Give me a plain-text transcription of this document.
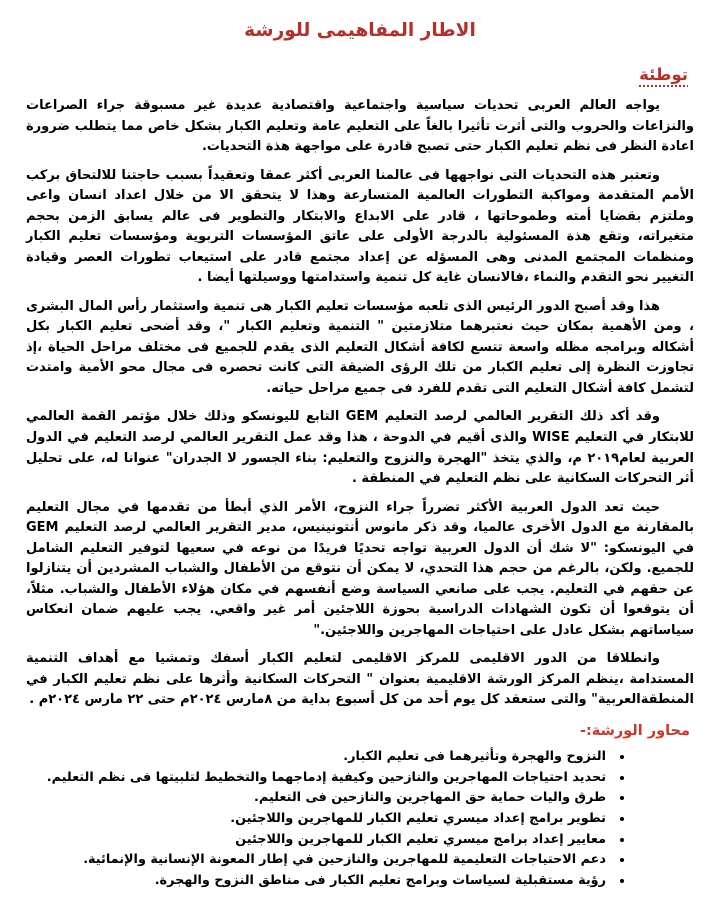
الاطار المفاهيمى للورشة
توطئة

يواجه العالم العربى تحديات سياسية واجتماعية واقتصادية عديدة غير مسبوقة جراء الصراعات والنزاعات والحروب والتى أثرت تأثيرا بالغاً على التعليم عامة وتعليم الكبار بشكل خاص مما يتطلب ضرورة اعادة النظر فى نظم تعليم الكبار حتى تصبح قادرة على مواجهة هذة التحديات.

وتعتبر هذه التحديات التى نواجهها فى عالمنا العربى أكثر عمقا وتعقيداً بسبب حاجتنا للالتحاق بركب الأمم المتقدمة ومواكبة التطورات العالمية المتسارعة وهذا لا يتحقق الا من خلال اعداد انسان واعى وملتزم بقضايا أمته وطموحاتها ، قادر على الابداع والابتكار والتطوير فى عالم يسابق الزمن بحجم متغيراته، وتقع هذة المسئولية بالدرجة الأولى على عاتق المؤسسات التربوية ومؤسسات تعليم الكبار ومنظمات المجتمع المدنى وهى المسؤله عن إعداد مجتمع قادر على استيعاب تطورات العصر وقيادة التغيير نحو التقدم والنماء ،فالانسان غاية كل تنمية واستدامتها ووسيلتها أيضا .

هذا وقد أصبح الدور الرئيس الذى تلعبه مؤسسات تعليم الكبار هى تنمية واستثمار رأس المال البشرى ، ومن الأهمية بمكان حيث نعتبرهما متلازمتين " التنمية وتعليم الكبار "، وقد أضحى تعليم الكبار بكل أشكاله وبرامجه مظله واسعة تتسع لكافة أشكال التعليم الذى يقدم للجميع فى مختلف مراحل الحياة ،إذ تجاوزت النظرة إلى تعليم الكبار من تلك الرؤى الضيقة التى كانت تحصره فى مجال محو الأمية وامتدت لتشمل كافة أشكال التعليم التى تقدم للفرد فى جميع مراحل حياته.

وقد أكد ذلك التقرير العالمي لرصد التعليم GEM التابع لليونسكو وذلك خلال مؤتمر القمة العالمي للابتكار في التعليم WISE والذى أقيم في الدوحة ، هذا وقد عمل التقرير العالمي لرصد التعليم في الدول العربية لعام٢٠١٩ م، والذي يتخذ "الهجرة والنزوح والتعليم: بناء الجسور لا الجدران" عنوانا له، على تحليل أثر التحركات السكانية على نظم التعليم في المنطقة .

حيث تعد الدول العربية الأكثر تضرراً جراء النزوح، الأمر الذي أبطأ من تقدمها في مجال التعليم بالمقارنة مع الدول الأخرى عالميا، وقد ذكر مانوس أنتونينيس، مدير التقرير العالمي لرصد التعليم GEM في اليونسكو: "لا شك أن الدول العربية تواجه تحديًا فريدًا من نوعه في سعيها لتوفير التعليم الشامل للجميع. ولكن، بالرغم من حجم هذا التحدي، لا يمكن أن نتوقع من الأطفال والشباب المشردين أن يتنازلوا عن حقهم في التعليم. يجب على صانعي السياسة وضع أنفسهم في مكان هؤلاء الأطفال والشباب. مثلاً، أن يتوقعوا أن تكون الشهادات الدراسية بحوزة اللاجئين أمر غير واقعي. يجب عليهم ضمان انعكاس سياساتهم بشكل عادل على احتياجات المهاجرين واللاجئين."

وانطلاقا من الدور الاقليمى للمركز الاقليمى لتعليم الكبار أسفك وتمشيا مع أهداف التنمية المستدامة ،ينظم المركز الورشة الاقليمية بعنوان " التحركات السكانية وأثرها على نظم تعليم الكبار في المنطقةالعربية" والتى ستعقد كل يوم أحد من كل أسبوع بداية من ٨مارس ٢٠٢٤م حتى ٢٢ مارس ٢٠٢٤م .

محاور الورشة:-
• النزوح والهجرة وتأثيرهما فى تعليم الكبار.
• تحديد احتياجات المهاجرين والنازحين وكيفية إدماجهما والتخطيط لتلبيتها فى نظم التعليم.
• طرق واليات حماية حق المهاجرين والنازحين فى التعليم.
• تطوير برامج إعداد ميسري تعليم الكبار للمهاجرين واللاجئين.
• معايير إعداد برامج ميسري تعليم الكبار للمهاجرين واللاجئين
• دعم الاحتياجات التعليمية للمهاجرين والنازحين في إطار المعونة الإنسانية والإنمائية.
• رؤية مستقبلية لسياسات وبرامج تعليم الكبار فى مناطق النزوح والهجرة.
